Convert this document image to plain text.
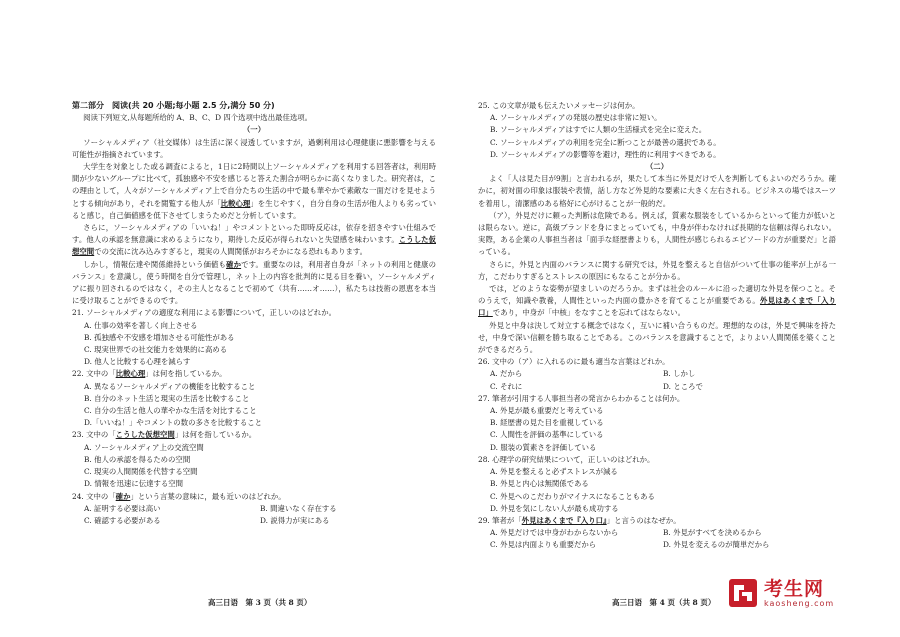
第二部分　阅读(共 20 小题;每小题 2.5 分,满分 50 分)
阅读下列短文,从每题所给的 A、B、C、D 四个选项中选出最佳选项。
（一）

ソーシャルメディア（社交媒体）は生活に深く浸透していますが，過剰利用は心理健康に悪影響を与える可能性が指摘されています。

大学生を対象とした或る調査によると，1日に2時間以上ソーシャルメディアを利用する回答者は，利用時間が少ないグループに比べて，孤独感や不安を感じると答えた割合が明らかに高くなりました。研究者は，この理由として，人々がソーシャルメディア上で自分たちの生活の中で最も華やかで素敵な一面だけを見せようとする傾向があり，それを閲覧する他人が「比較心理」を生じやすく，自分自身の生活が他人よりも劣っていると感じ，自己価値感を低下させてしまうためだと分析しています。

さらに，ソーシャルメディアの「いいね！」やコメントといった即時反応は，依存を招きやすい仕組みです。他人の承認を無意識に求めるようになり，期待した反応が得られないと失望感を味わいます。こうした仮想空間での交流に沈み込みすぎると，現実の人間関係がおろそかになる恐れもあります。

しかし，情報伝達や関係維持という価値も確かです。重要なのは，利用者自身が「ネットの利用と健康のバランス」を意識し，使う時間を自分で管理し，ネット上の内容を批判的に見る目を養い，ソーシャルメディアに振り回されるのではなく，その主人となることで初めて（共有……オ……），私たちは技術の恩恵を本当に受け取ることができるのです。

21. ソーシャルメディアの適度な利用による影響について，正しいのはどれか。
A. 仕事の効率を著しく向上させる
B. 孤独感や不安感を増加させる可能性がある
C. 現実世界での社交能力を効果的に高める
D. 他人と比較する心理を減らす
22. 文中の「比較心理」は何を指しているか。
A. 異なるソーシャルメディアの機能を比較すること
B. 自分のネット生活と現実の生活を比較すること
C. 自分の生活と他人の華やかな生活を対比すること
D.「いいね！」やコメントの数の多さを比較すること
23. 文中の「こうした仮想空間」は何を指しているか。
A. ソーシャルメディア上の交流空間
B. 他人の承認を得るための空間
C. 現実の人間関係を代替する空間
D. 情報を迅速に伝達する空間
24. 文中の「確か」という言葉の意味に，最も近いのはどれか。
A. 証明する必要は高い	B. 間違いなく存在する
C. 確認する必要がある	D. 説得力が実にある
25. この文章が最も伝えたいメッセージは何か。
A. ソーシャルメディアの発展の歴史は非常に短い。
B. ソーシャルメディアはすでに人類の生活様式を完全に変えた。
C. ソーシャルメディアの利用を完全に断つことが最善の選択である。
D. ソーシャルメディアの影響等を避け，理性的に利用すべきである。
（二）

よく「人は見た目が9割」と言われるが，果たして本当に外見だけで人を判断してもよいのだろうか。確かに，初対面の印象は服装や表情，話し方など外見的な要素に大きく左右される。ビジネスの場ではスーツを着用し，清潔感のある格好に心がけることが一般的だ。

（ア），外見だけに頼った判断は危険である。例えば，質素な服装をしているからといって能力が低いとは限らない。逆に，高級ブランドを身にまとっていても，中身が伴わなければ長期的な信頼は得られない。実際，ある企業の人事担当者は「面手な経歴書よりも，人間性が感じられるエピソードの方が重要だ」と語っている。

さらに，外見と内面のバランスに関する研究では，外見を整えると自信がついて仕事の能率が上がる一方，こだわりすぎるとストレスの原因にもなることが分かる。

では，どのような姿勢が望ましいのだろうか。まずは社会のルールに沿った適切な外見を保つこと。そのうえで，知識や教養，人間性といった内面の豊かさを育てることが重要である。外見はあくまで「入り口」であり，中身が「中核」をなすことを忘れてはならない。

外見と中身は決して対立する概念ではなく，互いに補い合うものだ。理想的なのは，外見で興味を持たせ，中身で深い信頼を勝ち取ることである。このバランスを意識することで，よりよい人間関係を築くことができるだろう。

26. 文中の（ア）に入れるのに最も適当な言葉はどれか。
A. だから	B. しかし
C. それに	D. ところで
27. 筆者が引用する人事担当者の発言からわかることは何か。
A. 外見が最も重要だと考えている
B. 経歴書の見た目を重視している
C. 人間性を評価の基準にしている
D. 服装の質素さを評価している
28. 心理学の研究結果について，正しいのはどれか。
A. 外見を整えると必ずストレスが減る
B. 外見と内心は無関係である
C. 外見へのこだわりがマイナスになることもある
D. 外見を気にしない人が最も成功する
29. 筆者が「外見はあくまで『入り口』」と言うのはなぜか。
A. 外見だけでは中身がわからないから	B. 外見がすべてを決めるから
C. 外見は内面よりも重要だから	D. 外見を変えるのが簡単だから
高三日语　第 3 页（共 8 页）	高三日语　第 4 页（共 8 页）
考生网
kaosheng.com
